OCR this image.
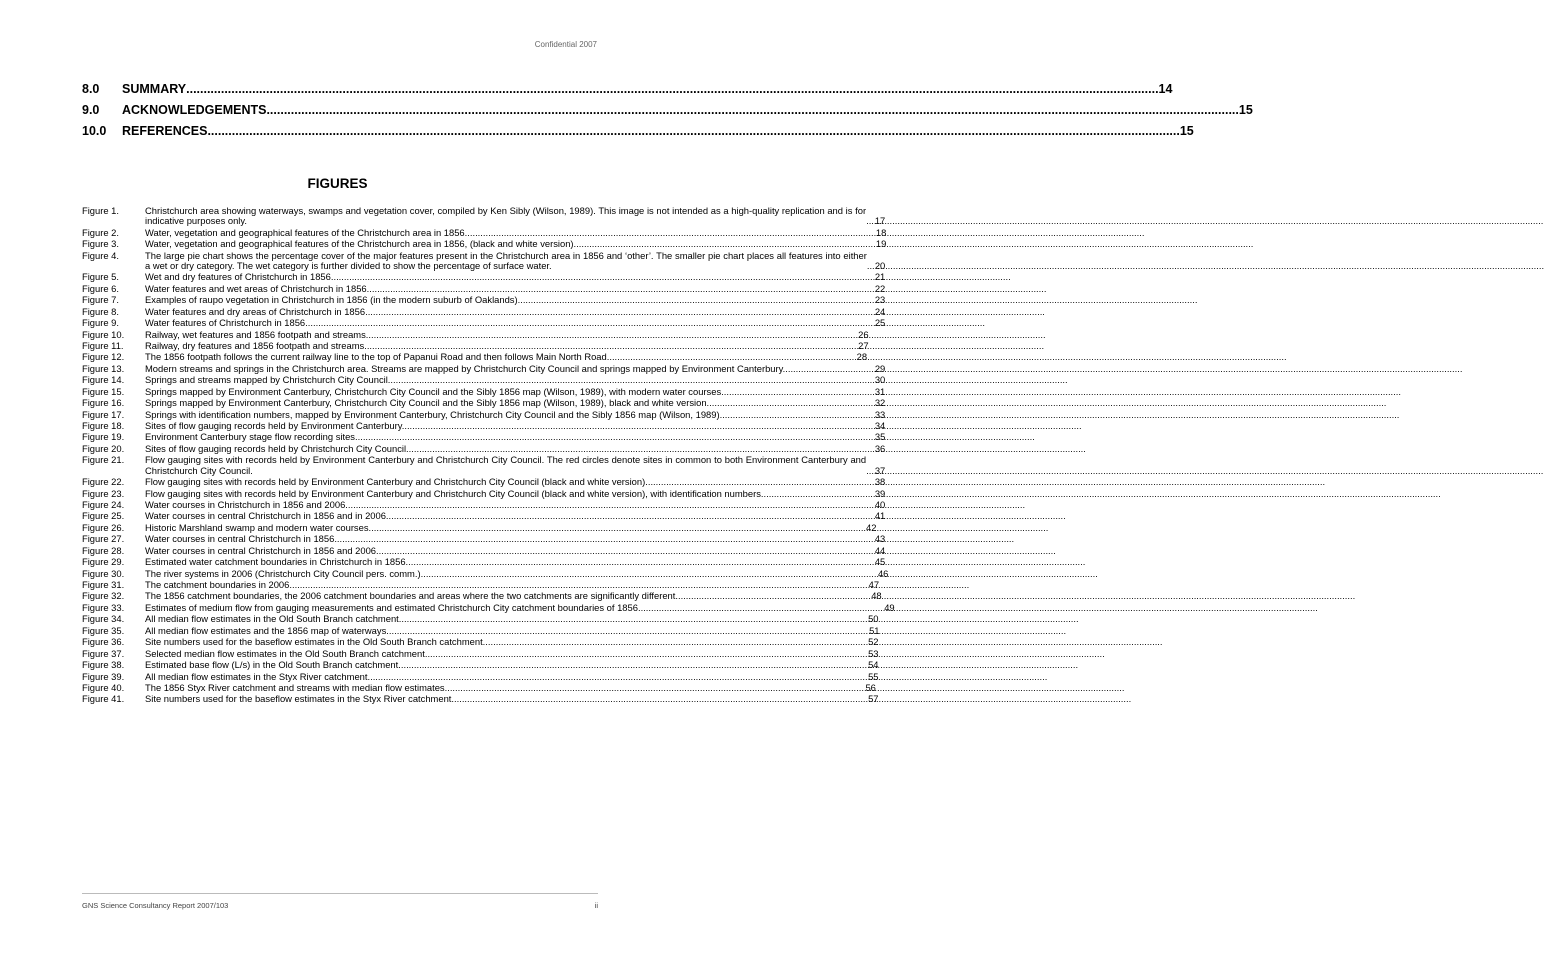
Confidential 2007
8.0	SUMMARY .....	14
9.0	ACKNOWLEDGEMENTS .....	15
10.0	REFERENCES .....	15
FIGURES
Figure 1.	Christchurch area showing waterways, swamps and vegetation cover, compiled by Ken Sibly (Wilson, 1989). This image is not intended as a high-quality replication and is for indicative purposes only. .....	17
Figure 2.	Water, vegetation and geographical features of the Christchurch area in 1856. .....	18
Figure 3.	Water, vegetation and geographical features of the Christchurch area in 1856, (black and white version). .....	19
Figure 4.	The large pie chart shows the percentage cover of the major features present in the Christchurch area in 1856 and ‘other’. The smaller pie chart places all features into either a wet or dry category. The wet category is further divided to show the percentage of surface water. .....	20
Figure 5.	Wet and dry features of Christchurch in 1856. .....	21
Figure 6.	Water features and wet areas of Christchurch in 1856. .....	22
Figure 7.	Examples of raupo vegetation in Christchurch in 1856 (in the modern suburb of Oaklands). .....	23
Figure 8.	Water features and dry areas of Christchurch in 1856. .....	24
Figure 9.	Water features of Christchurch in 1856. .....	25
Figure 10.	Railway, wet features and 1856 footpath and streams. .....	26
Figure 11.	Railway, dry features and 1856 footpath and streams. .....	27
Figure 12.	The 1856 footpath follows the current railway line to the top of Papanui Road and then follows Main North Road. .....	28
Figure 13.	Modern streams and springs in the Christchurch area. Streams are mapped by Christchurch City Council and springs mapped by Environment Canterbury. .....	29
Figure 14.	Springs and streams mapped by Christchurch City Council. .....	30
Figure 15.	Springs mapped by Environment Canterbury, Christchurch City Council and the Sibly 1856 map (Wilson, 1989), with modern water courses. .....	31
Figure 16.	Springs mapped by Environment Canterbury, Christchurch City Council and the Sibly 1856 map (Wilson, 1989), black and white version. .....	32
Figure 17.	Springs with identification numbers, mapped by Environment Canterbury, Christchurch City Council and the Sibly 1856 map (Wilson, 1989). .....	33
Figure 18.	Sites of flow gauging records held by Environment Canterbury. .....	34
Figure 19.	Environment Canterbury stage flow recording sites. .....	35
Figure 20.	Sites of flow gauging records held by Christchurch City Council. .....	36
Figure 21.	Flow gauging sites with records held by Environment Canterbury and Christchurch City Council. The red circles denote sites in common to both Environment Canterbury and Christchurch City Council. .....	37
Figure 22.	Flow gauging sites with records held by Environment Canterbury and Christchurch City Council (black and white version). .....	38
Figure 23.	Flow gauging sites with records held by Environment Canterbury and Christchurch City Council (black and white version), with identification numbers. .....	39
Figure 24.	Water courses in Christchurch in 1856 and 2006. .....	40
Figure 25.	Water courses in central Christchurch in 1856 and in 2006. .....	41
Figure 26.	Historic Marshland swamp and modern water courses. .....	42
Figure 27.	Water courses in central Christchurch in 1856. .....	43
Figure 28.	Water courses in central Christchurch in 1856 and 2006. .....	44
Figure 29.	Estimated water catchment boundaries in Christchurch in 1856. .....	45
Figure 30.	The river systems in 2006 (Christchurch City Council pers. comm.) .....	46
Figure 31.	The catchment boundaries in 2006. .....	47
Figure 32.	The 1856 catchment boundaries, the 2006 catchment boundaries and areas where the two catchments are significantly different. .....	48
Figure 33.	Estimates of medium flow from gauging measurements and estimated Christchurch City catchment boundaries of 1856. .....	49
Figure 34.	All median flow estimates in the Old South Branch catchment. .....	50
Figure 35.	All median flow estimates and the 1856 map of waterways. .....	51
Figure 36.	Site numbers used for the baseflow estimates in the Old South Branch catchment. .....	52
Figure 37.	Selected median flow estimates in the Old South Branch catchment. .....	53
Figure 38.	Estimated base flow (L/s) in the Old South Branch catchment. .....	54
Figure 39.	All median flow estimates in the Styx River catchment. .....	55
Figure 40.	The 1856 Styx River catchment and streams with median flow estimates. .....	56
Figure 41.	Site numbers used for the baseflow estimates in the Styx River catchment. .....	57
GNS Science Consultancy Report 2007/103	ii
